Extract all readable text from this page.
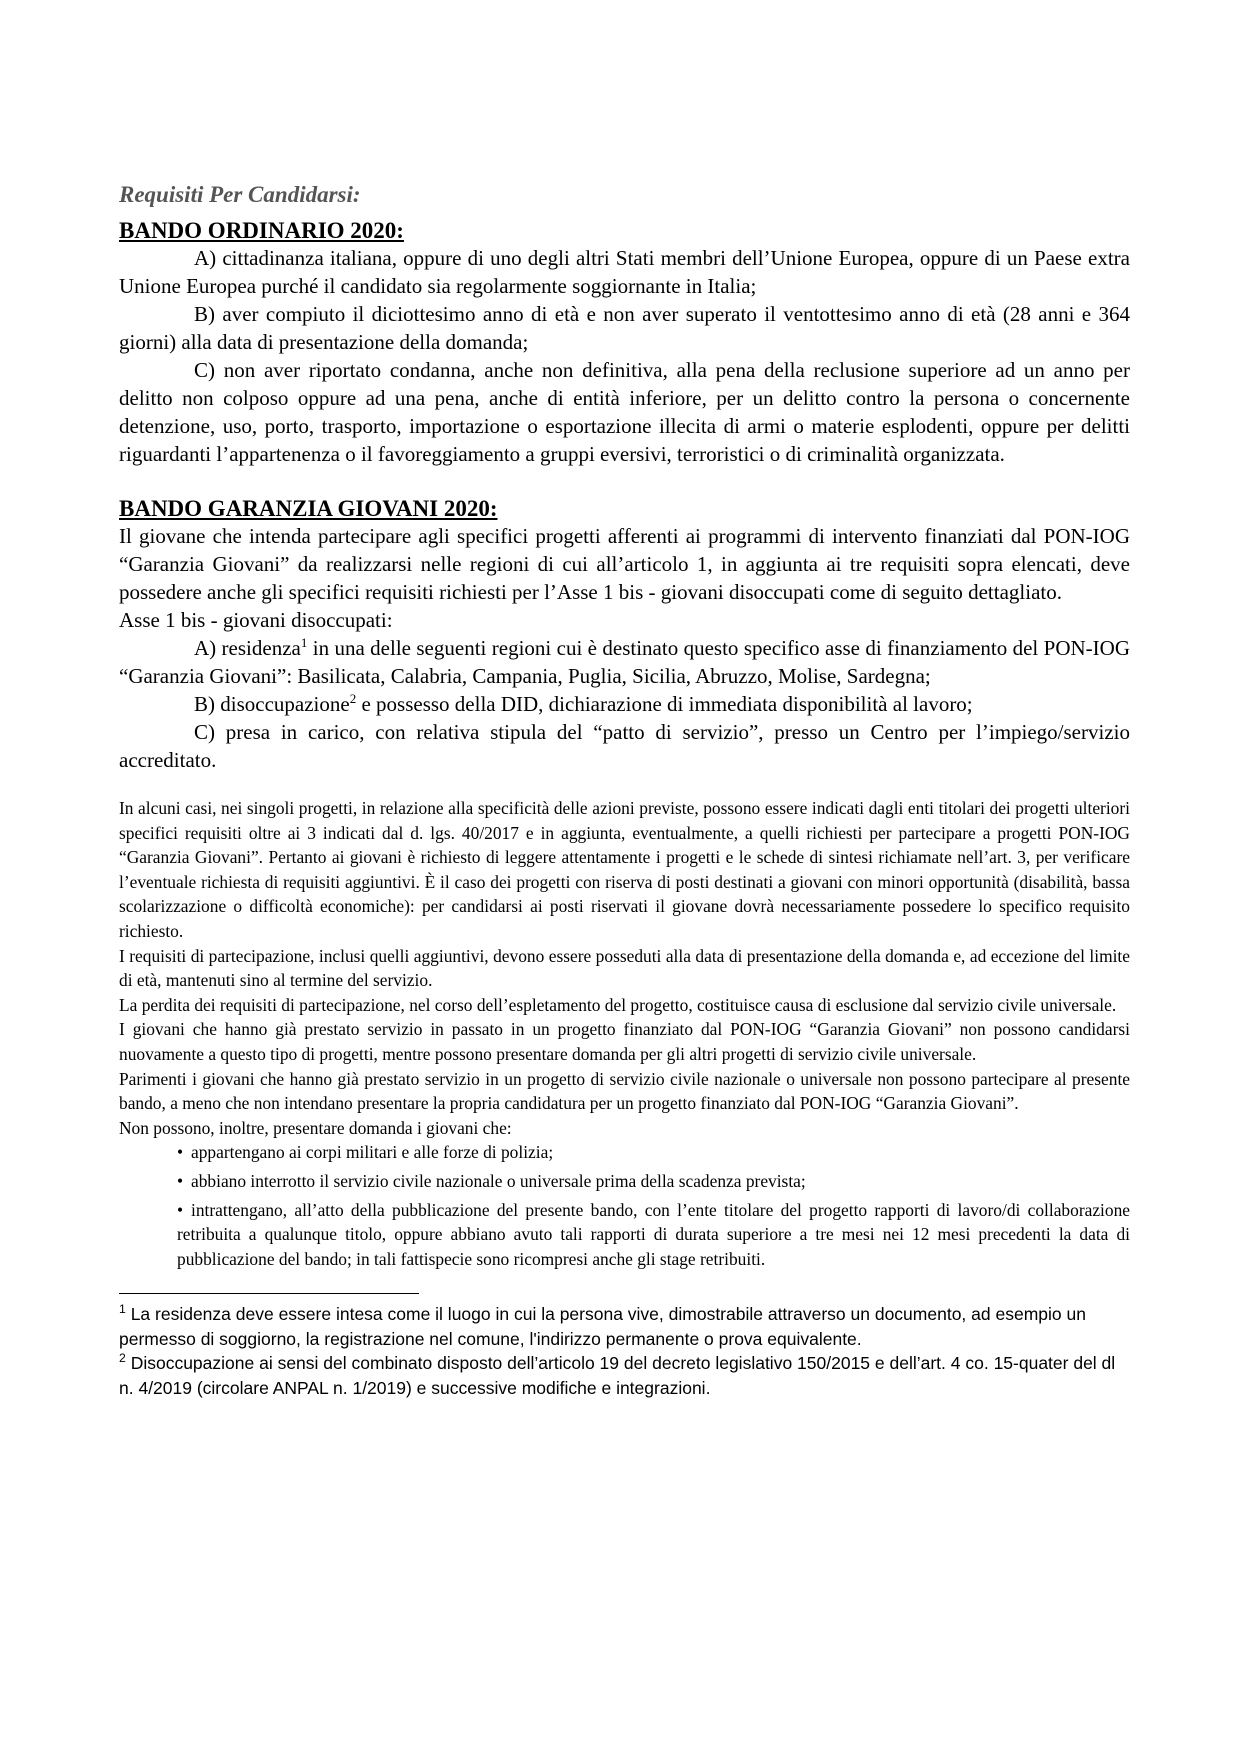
Requisiti Per Candidarsi:

BANDO ORDINARIO 2020:

A) cittadinanza italiana, oppure di uno degli altri Stati membri dell’Unione Europea, oppure di un Paese extra Unione Europea purché il candidato sia regolarmente soggiornante in Italia;

B) aver compiuto il diciottesimo anno di età e non aver superato il ventottesimo anno di età (28 anni e 364 giorni) alla data di presentazione della domanda;

C) non aver riportato condanna, anche non definitiva, alla pena della reclusione superiore ad un anno per delitto non colposo oppure ad una pena, anche di entità inferiore, per un delitto contro la persona o concernente detenzione, uso, porto, trasporto, importazione o esportazione illecita di armi o materie esplodenti, oppure per delitti riguardanti l’appartenenza o il favoreggiamento a gruppi eversivi, terroristici o di criminalità organizzata.

BANDO GARANZIA GIOVANI 2020:

Il giovane che intenda partecipare agli specifici progetti afferenti ai programmi di intervento finanziati dal PON-IOG “Garanzia Giovani” da realizzarsi nelle regioni di cui all’articolo 1, in aggiunta ai tre requisiti sopra elencati, deve possedere anche gli specifici requisiti richiesti per l’Asse 1 bis - giovani disoccupati come di seguito dettagliato.

Asse 1 bis - giovani disoccupati:

A) residenza$^1$ in una delle seguenti regioni cui è destinato questo specifico asse di finanziamento del PON-IOG “Garanzia Giovani”: Basilicata, Calabria, Campania, Puglia, Sicilia, Abruzzo, Molise, Sardegna;

B) disoccupazione$^2$ e possesso della DID, dichiarazione di immediata disponibilità al lavoro;

C) presa in carico, con relativa stipula del “patto di servizio”, presso un Centro per l’impiego/servizio accreditato.

In alcuni casi, nei singoli progetti, in relazione alla specificità delle azioni previste, possono essere indicati dagli enti titolari dei progetti ulteriori specifici requisiti oltre ai 3 indicati dal d. lgs. 40/2017 e in aggiunta, eventualmente, a quelli richiesti per partecipare a progetti PON-IOG “Garanzia Giovani”. Pertanto ai giovani è richiesto di leggere attentamente i progetti e le schede di sintesi richiamate nell’art. 3, per verificare l’eventuale richiesta di requisiti aggiuntivi. È il caso dei progetti con riserva di posti destinati a giovani con minori opportunità (disabilità, bassa scolarizzazione o difficoltà economiche): per candidarsi ai posti riservati il giovane dovrà necessariamente possedere lo specifico requisito richiesto.

I requisiti di partecipazione, inclusi quelli aggiuntivi, devono essere posseduti alla data di presentazione della domanda e, ad eccezione del limite di età, mantenuti sino al termine del servizio.

La perdita dei requisiti di partecipazione, nel corso dell’espletamento del progetto, costituisce causa di esclusione dal servizio civile universale.

I giovani che hanno già prestato servizio in passato in un progetto finanziato dal PON-IOG “Garanzia Giovani” non possono candidarsi nuovamente a questo tipo di progetti, mentre possono presentare domanda per gli altri progetti di servizio civile universale.

Parimenti i giovani che hanno già prestato servizio in un progetto di servizio civile nazionale o universale non possono partecipare al presente bando, a meno che non intendano presentare la propria candidatura per un progetto finanziato dal PON-IOG “Garanzia Giovani”.

Non possono, inoltre, presentare domanda i giovani che:

• appartengano ai corpi militari e alle forze di polizia;
• abbiano interrotto il servizio civile nazionale o universale prima della scadenza prevista;
• intrattengano, all’atto della pubblicazione del presente bando, con l’ente titolare del progetto rapporti di lavoro/di collaborazione retribuita a qualunque titolo, oppure abbiano avuto tali rapporti di durata superiore a tre mesi nei 12 mesi precedenti la data di pubblicazione del bando; in tali fattispecie sono ricompresi anche gli stage retribuiti.

$^1$ La residenza deve essere intesa come il luogo in cui la persona vive, dimostrabile attraverso un documento, ad esempio un permesso di soggiorno, la registrazione nel comune, l'indirizzo permanente o prova equivalente.

$^2$ Disoccupazione ai sensi del combinato disposto dell’articolo 19 del decreto legislativo 150/2015 e dell’art. 4 co. 15-quater del dl n. 4/2019 (circolare ANPAL n. 1/2019) e successive modifiche e integrazioni.
